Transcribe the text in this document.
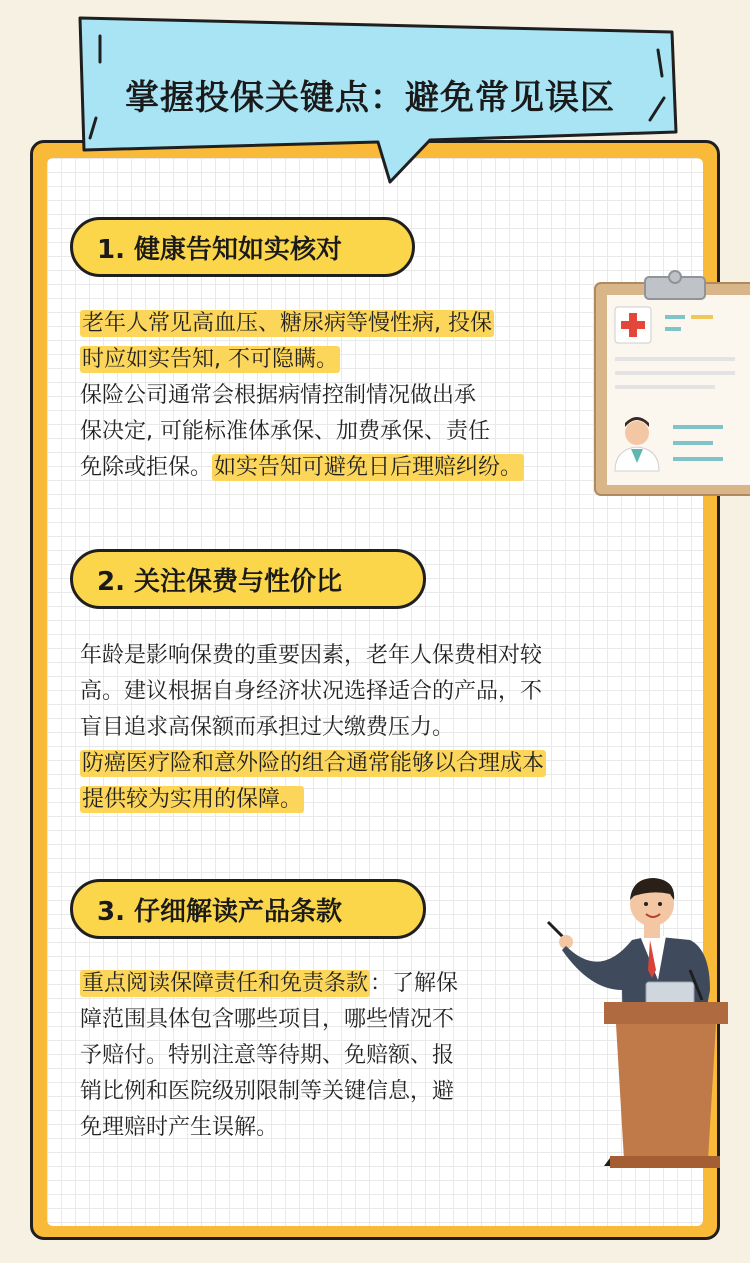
掌握投保关键点：避免常见误区
1. 健康告知如实核对
老年人常见高血压、糖尿病等慢性病, 投保
时应如实告知, 不可隐瞒。
保险公司通常会根据病情控制情况做出承
保决定, 可能标准体承保、加费承保、责任
免除或拒保。如实告知可避免日后理赔纠纷。
2. 关注保费与性价比
年龄是影响保费的重要因素，老年人保费相对较
高。建议根据自身经济状况选择适合的产品，不
盲目追求高保额而承担过大缴费压力。
防癌医疗险和意外险的组合通常能够以合理成本
提供较为实用的保障。
3. 仔细解读产品条款
重点阅读保障责任和免责条款：了解保
障范围具体包含哪些项目，哪些情况不
予赔付。特别注意等待期、免赔额、报
销比例和医院级别限制等关键信息，避
免理赔时产生误解。
